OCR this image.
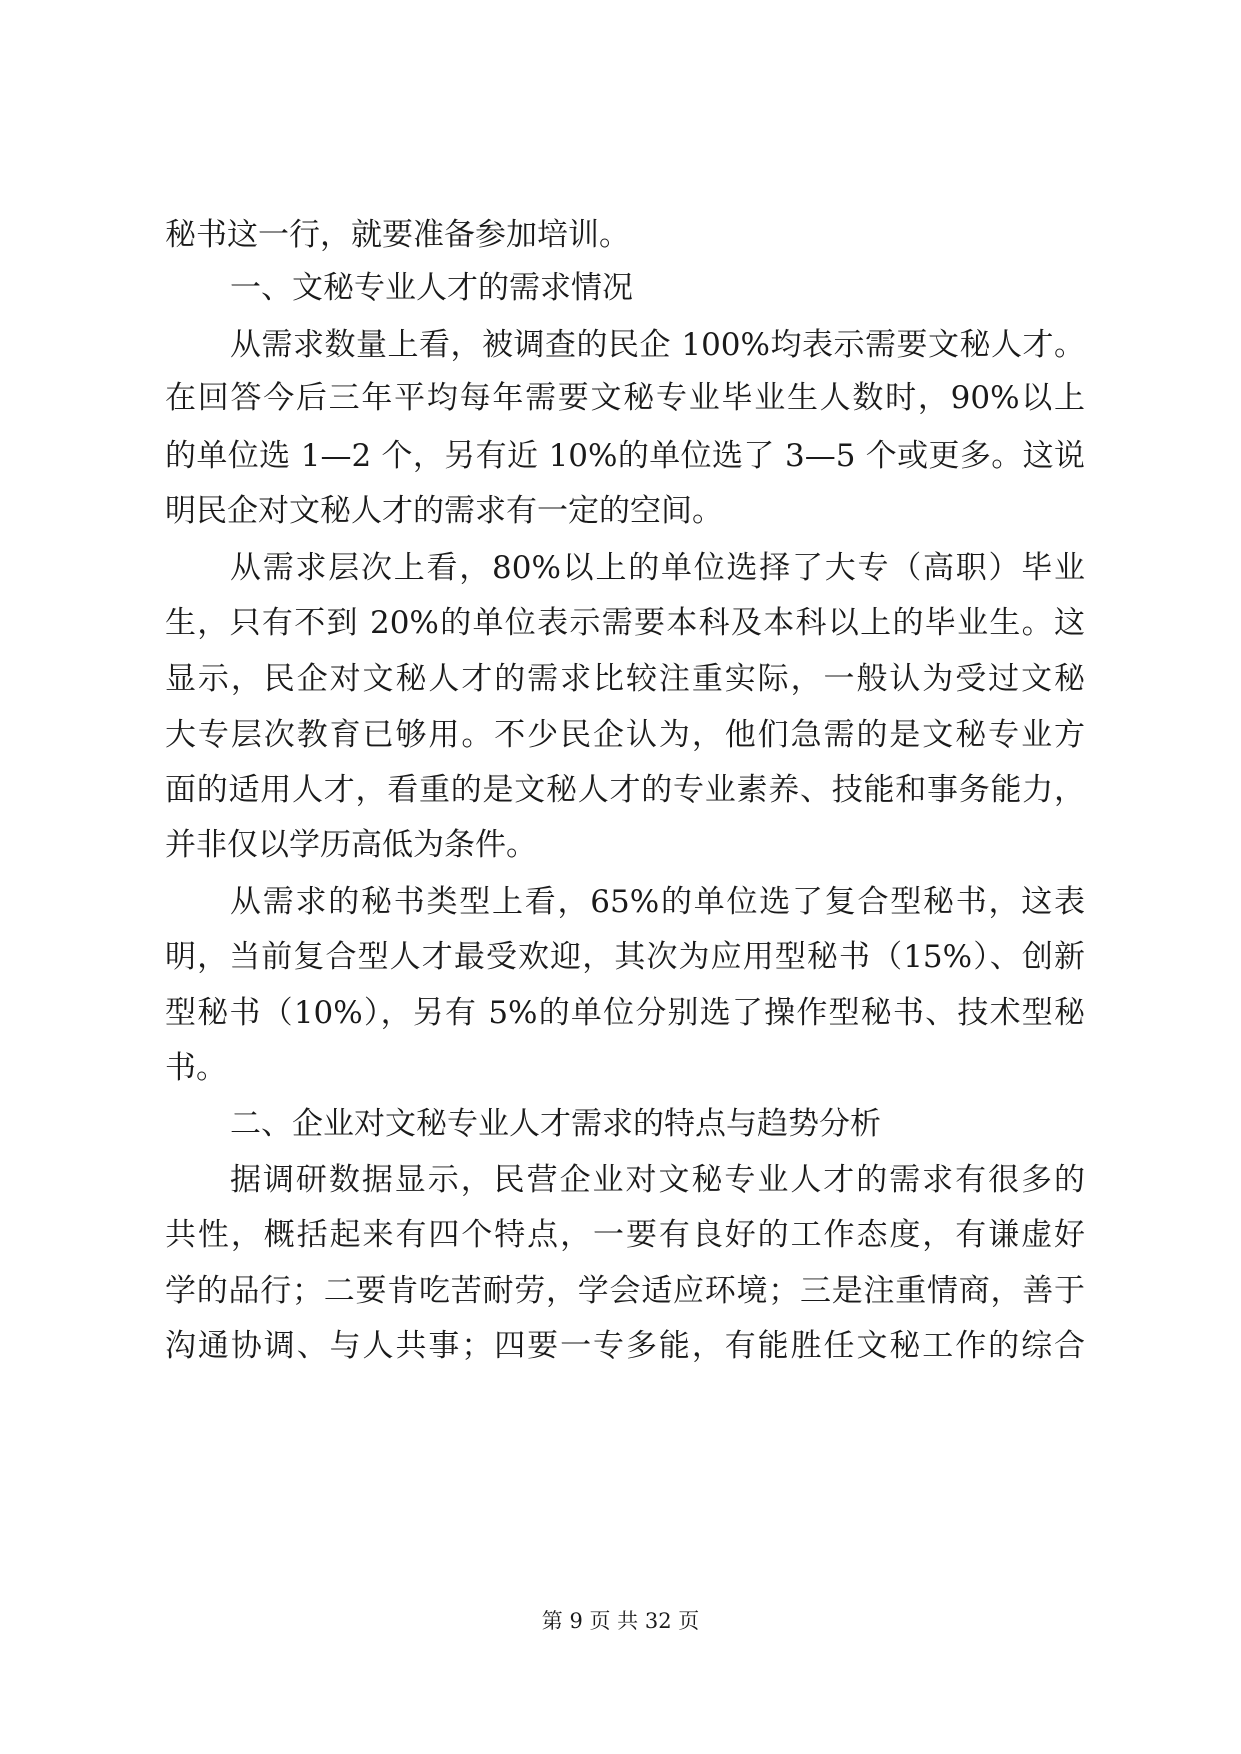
秘书这一行，就要准备参加培训。
一、文秘专业人才的需求情况
从需求数量上看，被调查的民企 100%均表示需要文秘人才。
在回答今后三年平均每年需要文秘专业毕业生人数时，90%以上
的单位选 1—2 个，另有近 10%的单位选了 3—5 个或更多。这说
明民企对文秘人才的需求有一定的空间。
从需求层次上看，80%以上的单位选择了大专（高职）毕业
生，只有不到 20%的单位表示需要本科及本科以上的毕业生。这
显示，民企对文秘人才的需求比较注重实际，一般认为受过文秘
大专层次教育已够用。不少民企认为，他们急需的是文秘专业方
面的适用人才，看重的是文秘人才的专业素养、技能和事务能力，
并非仅以学历高低为条件。
从需求的秘书类型上看，65%的单位选了复合型秘书，这表
明，当前复合型人才最受欢迎，其次为应用型秘书（15%）、创新
型秘书（10%），另有 5%的单位分别选了操作型秘书、技术型秘
书。
二、企业对文秘专业人才需求的特点与趋势分析
据调研数据显示，民营企业对文秘专业人才的需求有很多的
共性，概括起来有四个特点，一要有良好的工作态度，有谦虚好
学的品行；二要肯吃苦耐劳，学会适应环境；三是注重情商，善于
沟通协调、与人共事；四要一专多能，有能胜任文秘工作的综合
第 9 页 共 32 页
